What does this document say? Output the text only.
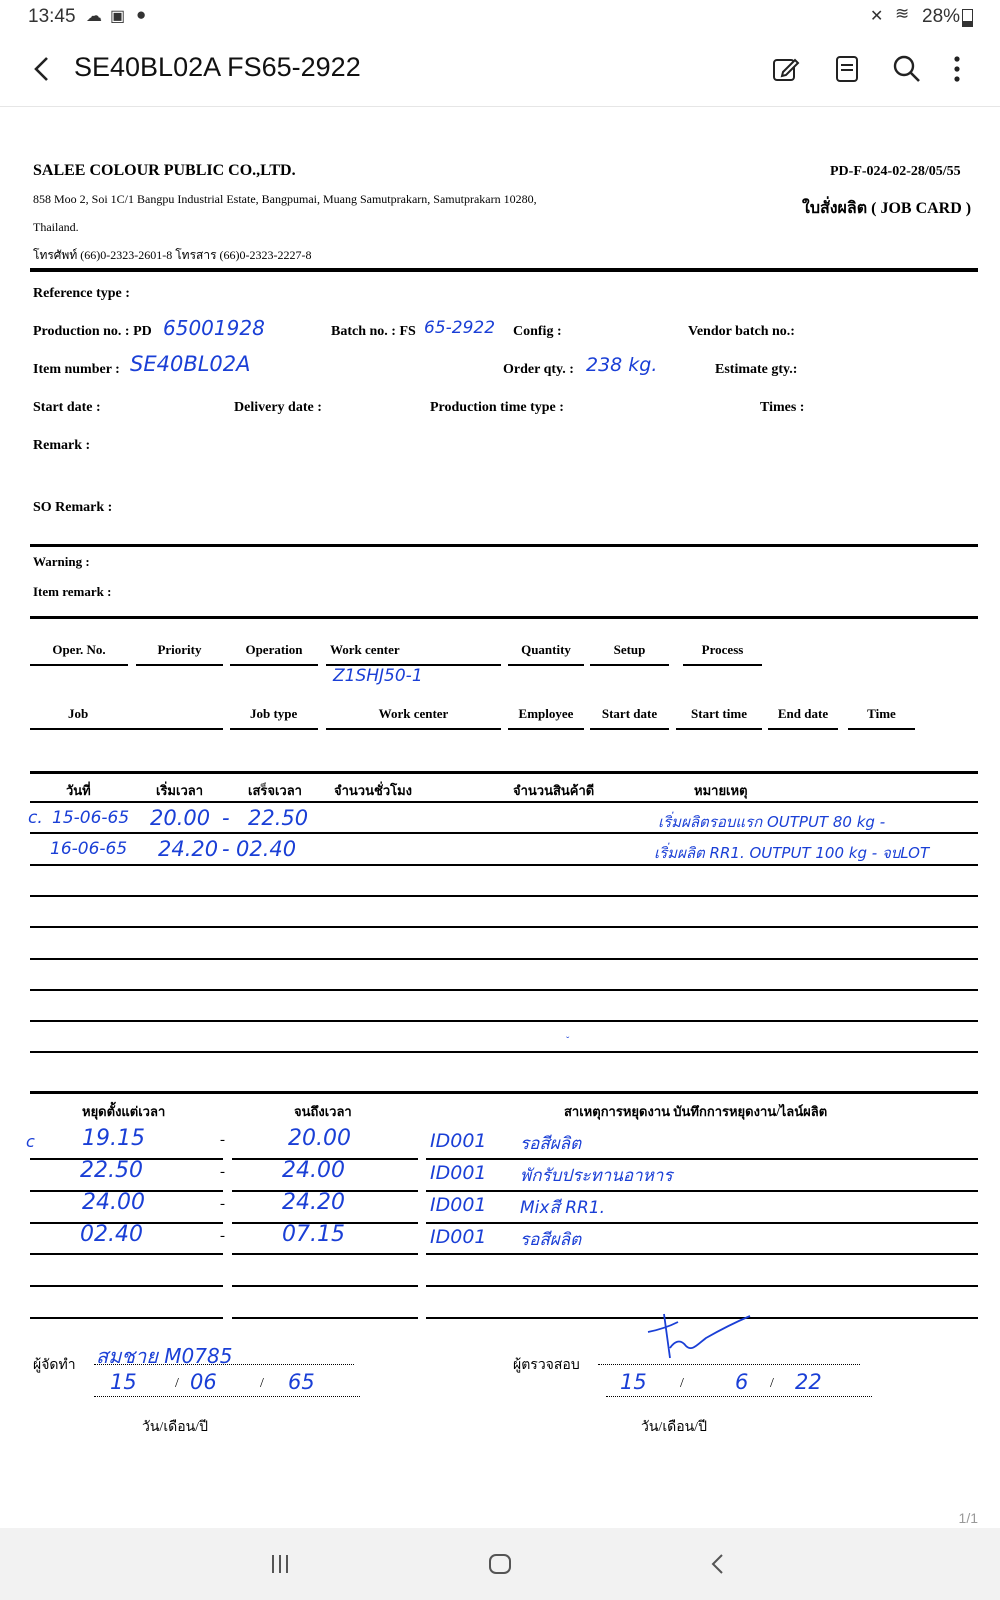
13:45 ☁ ▣ ●	✕ ≋ 28%
SE40BL02A FS65-2922
SALEE COLOUR PUBLIC CO.,LTD.	PD-F-024-02-28/05/55
858 Moo 2, Soi 1C/1 Bangpu Industrial Estate, Bangpumai, Muang Samutprakarn, Samutprakarn 10280,
ใบสั่งผลิต ( JOB CARD )
Thailand.
โทรศัพท์ (66)0-2323-2601-8 โทรสาร (66)0-2323-2227-8
Reference type :
Production no. : PD 65001928	Batch no. : FS 65-2922 Config :	Vendor batch no.:
Item number : SE40BL02A	Order qty. : 238 kg.	Estimate gty.:
Start date :	Delivery date :	Production time type :	Times :
Remark :
SO Remark :
Warning :
Item remark :
Oper. No.	Priority	Operation	Work center	Quantity	Setup	Process
Z1SHJ50-1
Job	Job type	Work center	Employee	Start date	Start time	End date	Time
วันที่	เริ่มเวลา	เสร็จเวลา จำนวนชั่วโมง	จำนวนสินค้าดี	หมายเหตุ
c. 15-06-65 20.00 - 22.50	เริ่มผลิตรอบแรก OUTPUT 80 kg -
16-06-65 24.20 - 02.40	เริ่มผลิต RR1. OUTPUT 100 kg - จบLOT
ˇ
หยุดตั้งแต่เวลา	จนถึงเวลา	สาเหตุการหยุดงาน บันทึกการหยุดงาน/ไลน์ผลิต
c 19.15	-	20.00	ID001 รอสีผลิต
22.50	-	24.00	ID001 พักรับประทานอาหาร
24.00	-	24.20	ID001 Mixสี RR1.
02.40	-	07.15	ID001 รอสีผลิต
ผู้จัดทำ สมชาย M0785
15	/ 06	/ 65
วัน/เดือน/ปี
ผู้ตรวจสอบ
15 / 6 / 22
วัน/เดือน/ปี
1/1
